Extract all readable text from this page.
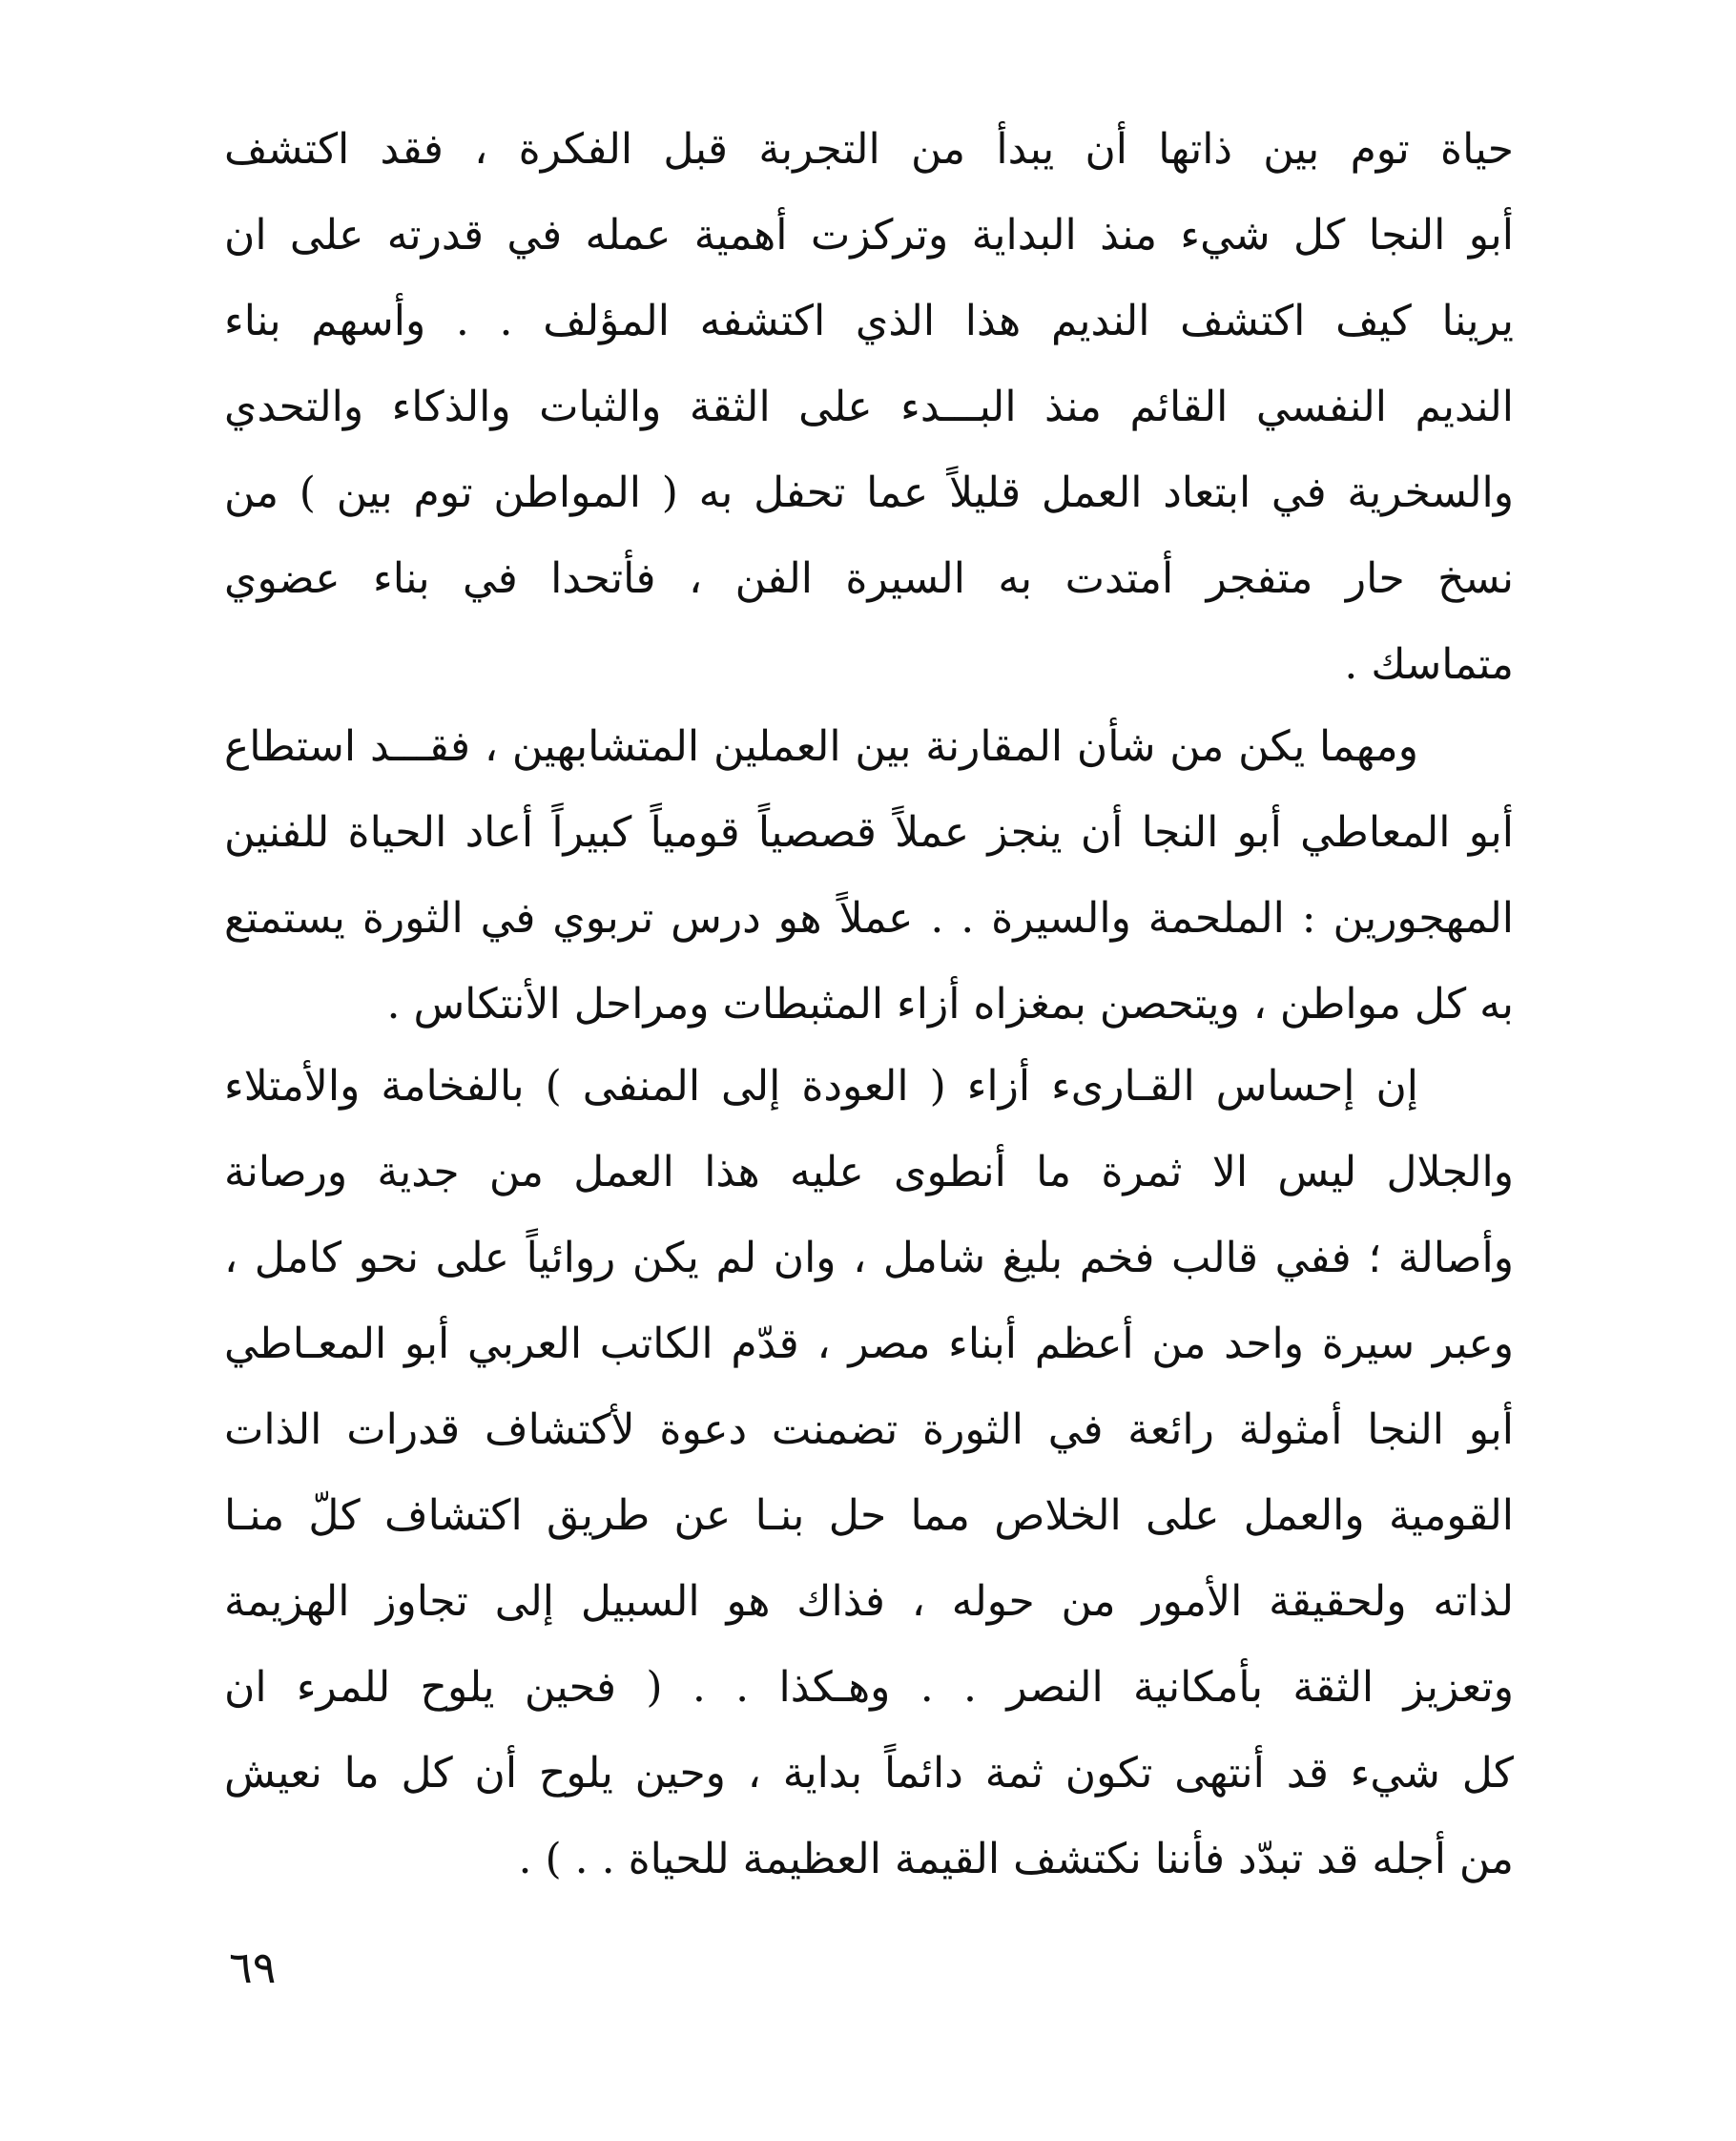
حياة توم بين ذاتها أن يبدأ من التجربة قبل الفكرة ، فقد اكتشف
أبو النجا كل شيء منذ البداية وتركزت أهمية عمله في قدرته على ان
يرينا كيف اكتشف النديم هذا الذي اكتشفه المؤلف . . وأسهم بناء
النديم النفسي القائم منذ البـــدء على الثقة والثبات والذكاء والتحدي
والسخرية في ابتعاد العمل قليلاً عما تحفل به ( المواطن توم بين ) من
نسخ حار متفجر أمتدت به السيرة الفن ، فأتحدا في بناء عضوي
متماسك .
ومهما يكن من شأن المقارنة بين العملين المتشابهين ، فقـــد استطاع
أبو المعاطي أبو النجا أن ينجز عملاً قصصياً قومياً كبيراً أعاد الحياة للفنين
المهجورين : الملحمة والسيرة . . عملاً هو درس تربوي في الثورة يستمتع
به كل مواطن ، ويتحصن بمغزاه أزاء المثبطات ومراحل الأنتكاس .
إن إحساس القـارىء أزاء ( العودة إلى المنفى ) بالفخامة والأمتلاء
والجلال ليس الا ثمرة ما أنطوى عليه هذا العمل من جدية ورصانة
وأصالة ؛ ففي قالب فخم بليغ شامل ، وان لم يكن روائياً على نحو كامل ،
وعبر سيرة واحد من أعظم أبناء مصر ، قدّم الكاتب العربي أبو المعـاطي
أبو النجا أمثولة رائعة في الثورة تضمنت دعوة لأكتشاف قدرات الذات
القومية والعمل على الخلاص مما حل بنـا عن طريق اكتشاف كلّ منـا
لذاته ولحقيقة الأمور من حوله ، فذاك هو السبيل إلى تجاوز الهزيمة
وتعزيز الثقة بأمكانية النصر . . وهـكذا . . ( فحين يلوح للمرء ان
كل شيء قد أنتهى تكون ثمة دائماً بداية ، وحين يلوح أن كل ما نعيش
من أجله قد تبدّد فأننا نكتشف القيمة العظيمة للحياة . . ) .
٦٩
